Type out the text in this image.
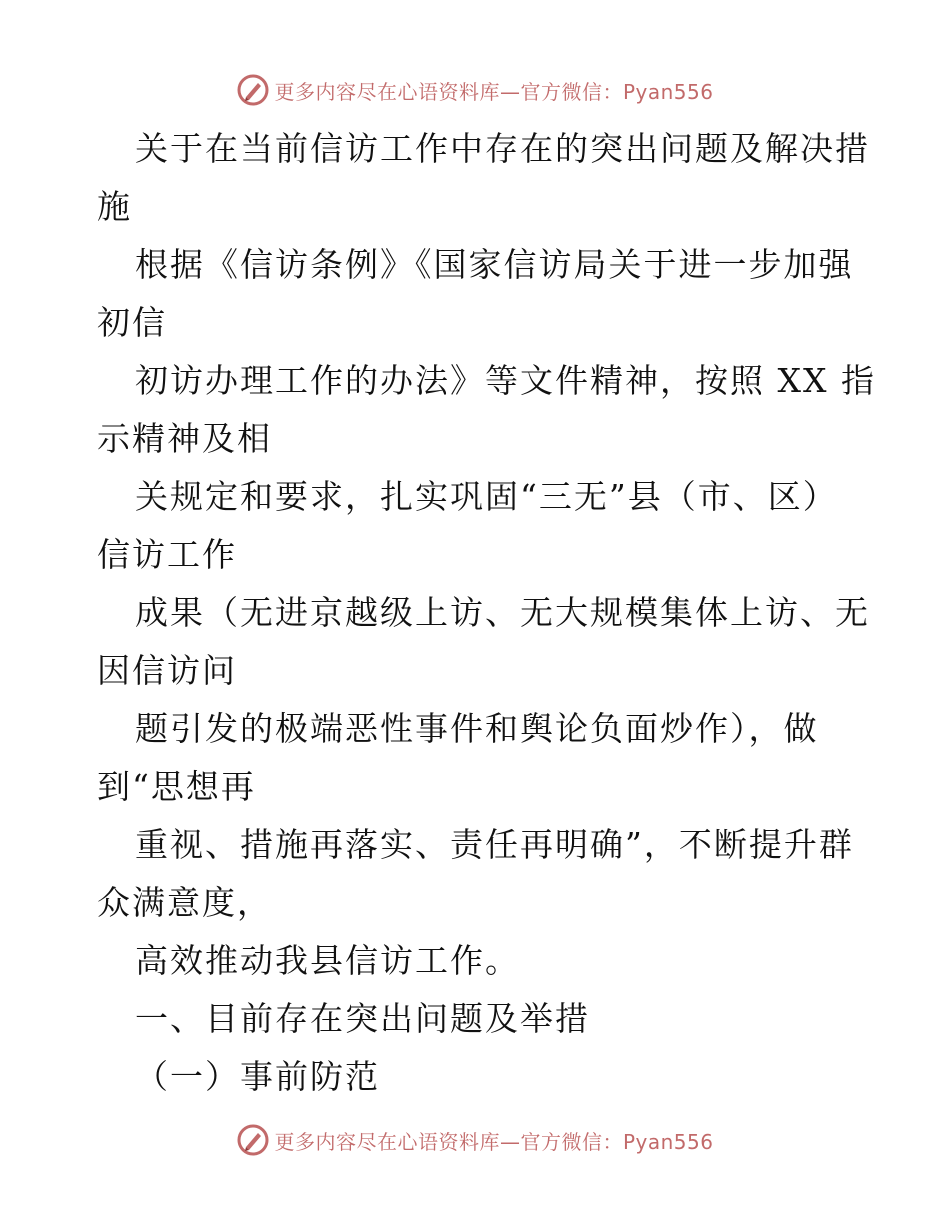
更多内容尽在心语资料库—官方微信：Pyan556
关于在当前信访工作中存在的突出问题及解决措
施
根据《信访条例》《国家信访局关于进一步加强
初信
初访办理工作的办法》等文件精神，按照 XX 指
示精神及相
关规定和要求，扎实巩固“三无”县（市、区）
信访工作
成果（无进京越级上访、无大规模集体上访、无
因信访问
题引发的极端恶性事件和舆论负面炒作），做
到“思想再
重视、措施再落实、责任再明确”，不断提升群
众满意度，
高效推动我县信访工作。
一、目前存在突出问题及举措
（一）事前防范
更多内容尽在心语资料库—官方微信：Pyan556
